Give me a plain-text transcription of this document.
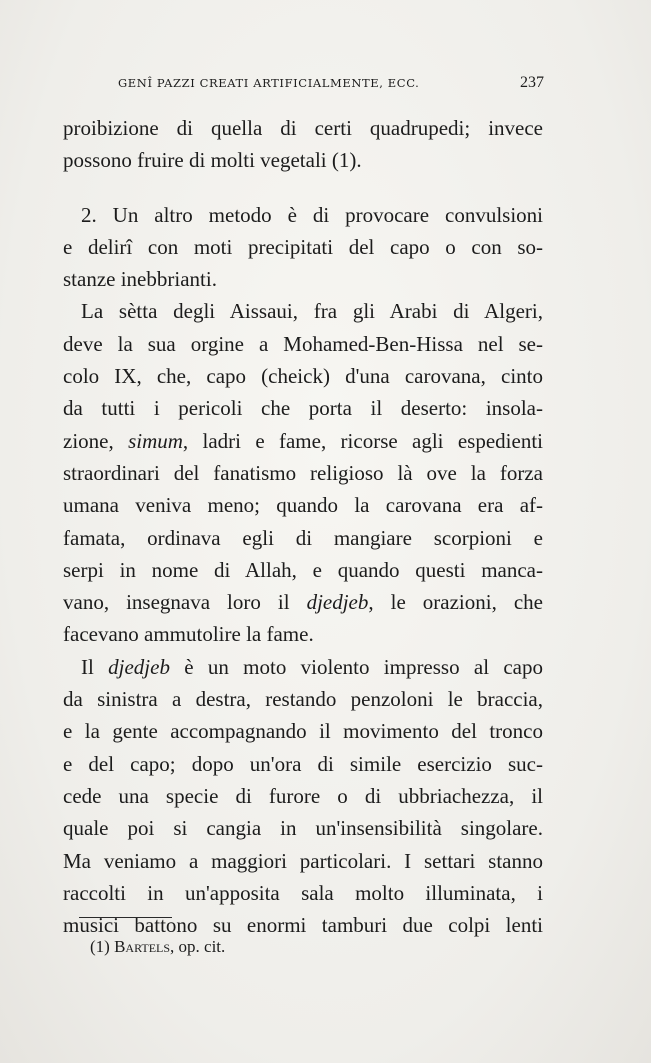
GENÎ PAZZI CREATI ARTIFICIALMENTE, ECC.	237
proibizione di quella di certi quadrupedi; invece
possono fruire di molti vegetali (1).
2. Un altro metodo è di provocare convulsioni
e delirî con moti precipitati del capo o con so-
stanze inebbrianti.
La sètta degli Aissaui, fra gli Arabi di Algeri,
deve la sua orgine a Mohamed-Ben-Hissa nel se-
colo IX, che, capo (cheick) d'una carovana, cinto
da tutti i pericoli che porta il deserto: insola-
zione, simum, ladri e fame, ricorse agli espedienti
straordinari del fanatismo religioso là ove la forza
umana veniva meno; quando la carovana era af-
famata, ordinava egli di mangiare scorpioni e
serpi in nome di Allah, e quando questi manca-
vano, insegnava loro il djedjeb, le orazioni, che
facevano ammutolire la fame.
Il djedjeb è un moto violento impresso al capo
da sinistra a destra, restando penzoloni le braccia,
e la gente accompagnando il movimento del tronco
e del capo; dopo un'ora di simile esercizio suc-
cede una specie di furore o di ubbriachezza, il
quale poi si cangia in un'insensibilità singolare.
Ma veniamo a maggiori particolari. I settari stanno
raccolti in un'apposita sala molto illuminata, i
musici battono su enormi tamburi due colpi lenti
(1) Bartels, op. cit.
